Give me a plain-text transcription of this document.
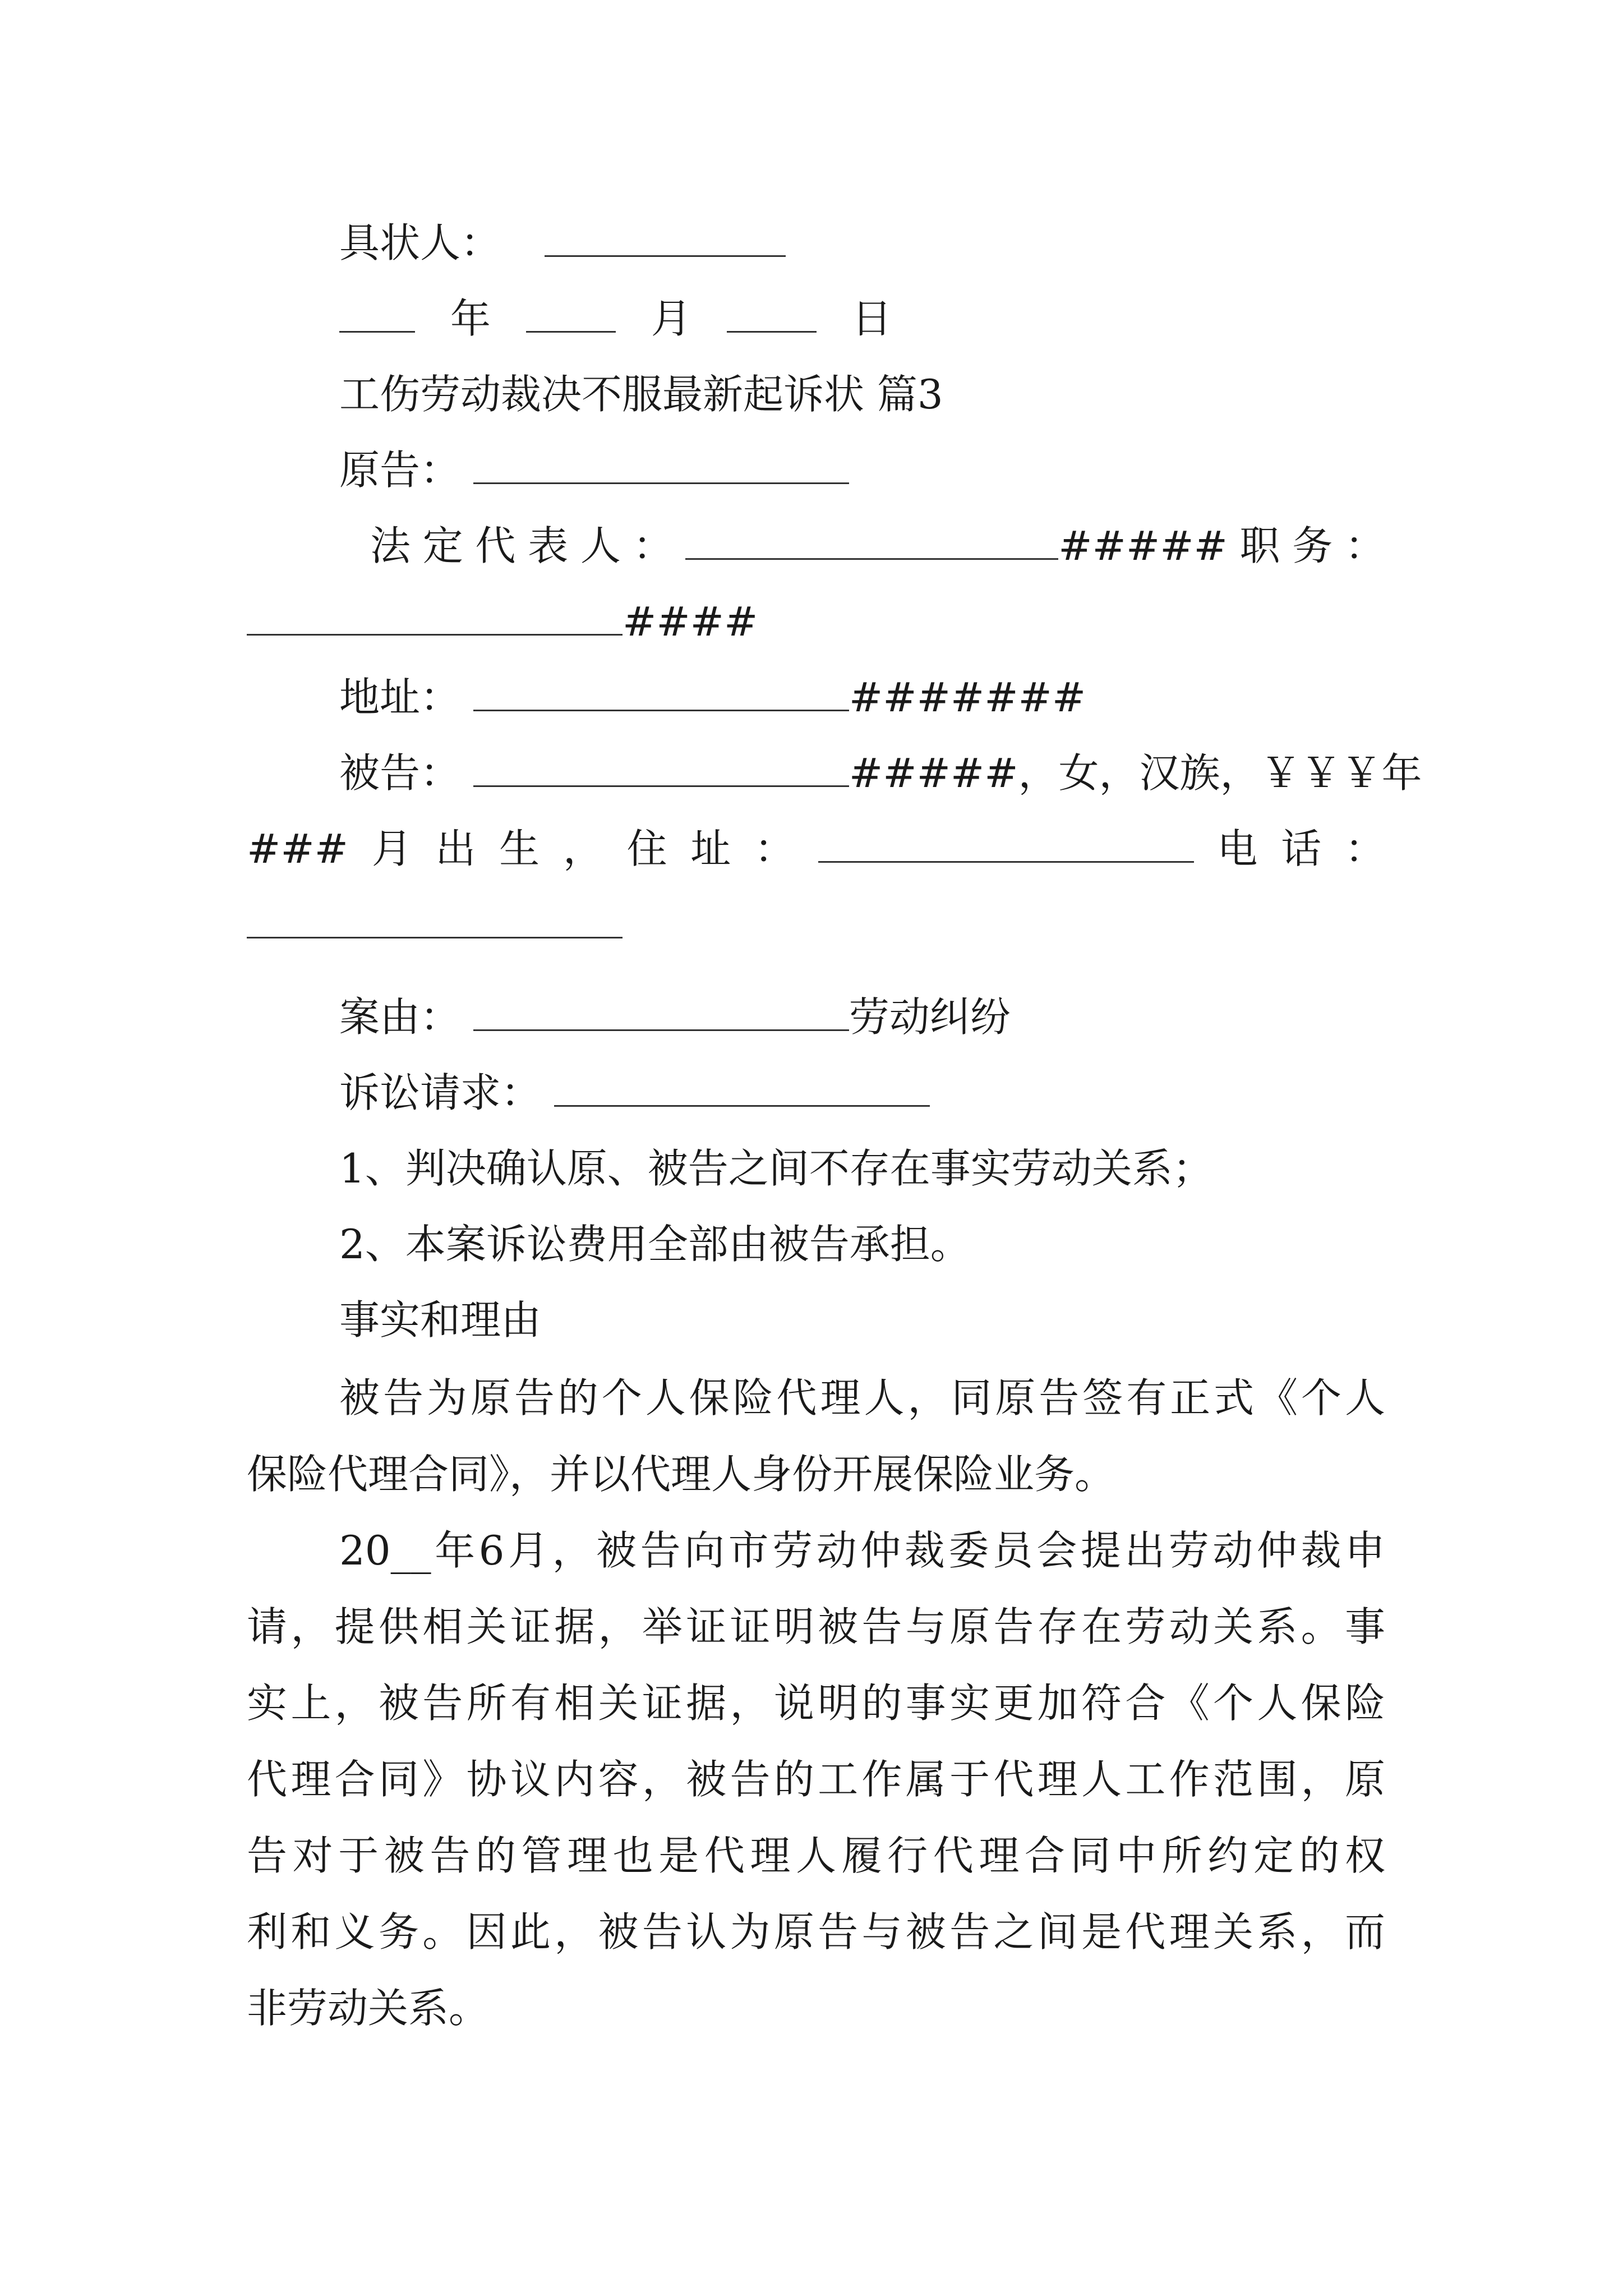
具状人：
年	月	日
工伤劳动裁决不服最新起诉状 篇3
原告：
法 定 代 表 人 ：	##### 职 务 ：
####
地址：	#######
被告：	#####，女，汉族，￥￥￥年
### 月 出 生 ， 住 址 ：	电 话 ：
案由：	劳动纠纷
诉讼请求：
1、判决确认原、被告之间不存在事实劳动关系；
2、本案诉讼费用全部由被告承担。
事实和理由
被告为原告的个人保险代理人，同原告签有正式《个人
保险代理合同》，并以代理人身份开展保险业务。
20__年6月，被告向市劳动仲裁委员会提出劳动仲裁申
请，提供相关证据，举证证明被告与原告存在劳动关系。事
实上，被告所有相关证据，说明的事实更加符合《个人保险
代理合同》协议内容，被告的工作属于代理人工作范围，原
告对于被告的管理也是代理人履行代理合同中所约定的权
利和义务。因此，被告认为原告与被告之间是代理关系，而
非劳动关系。
